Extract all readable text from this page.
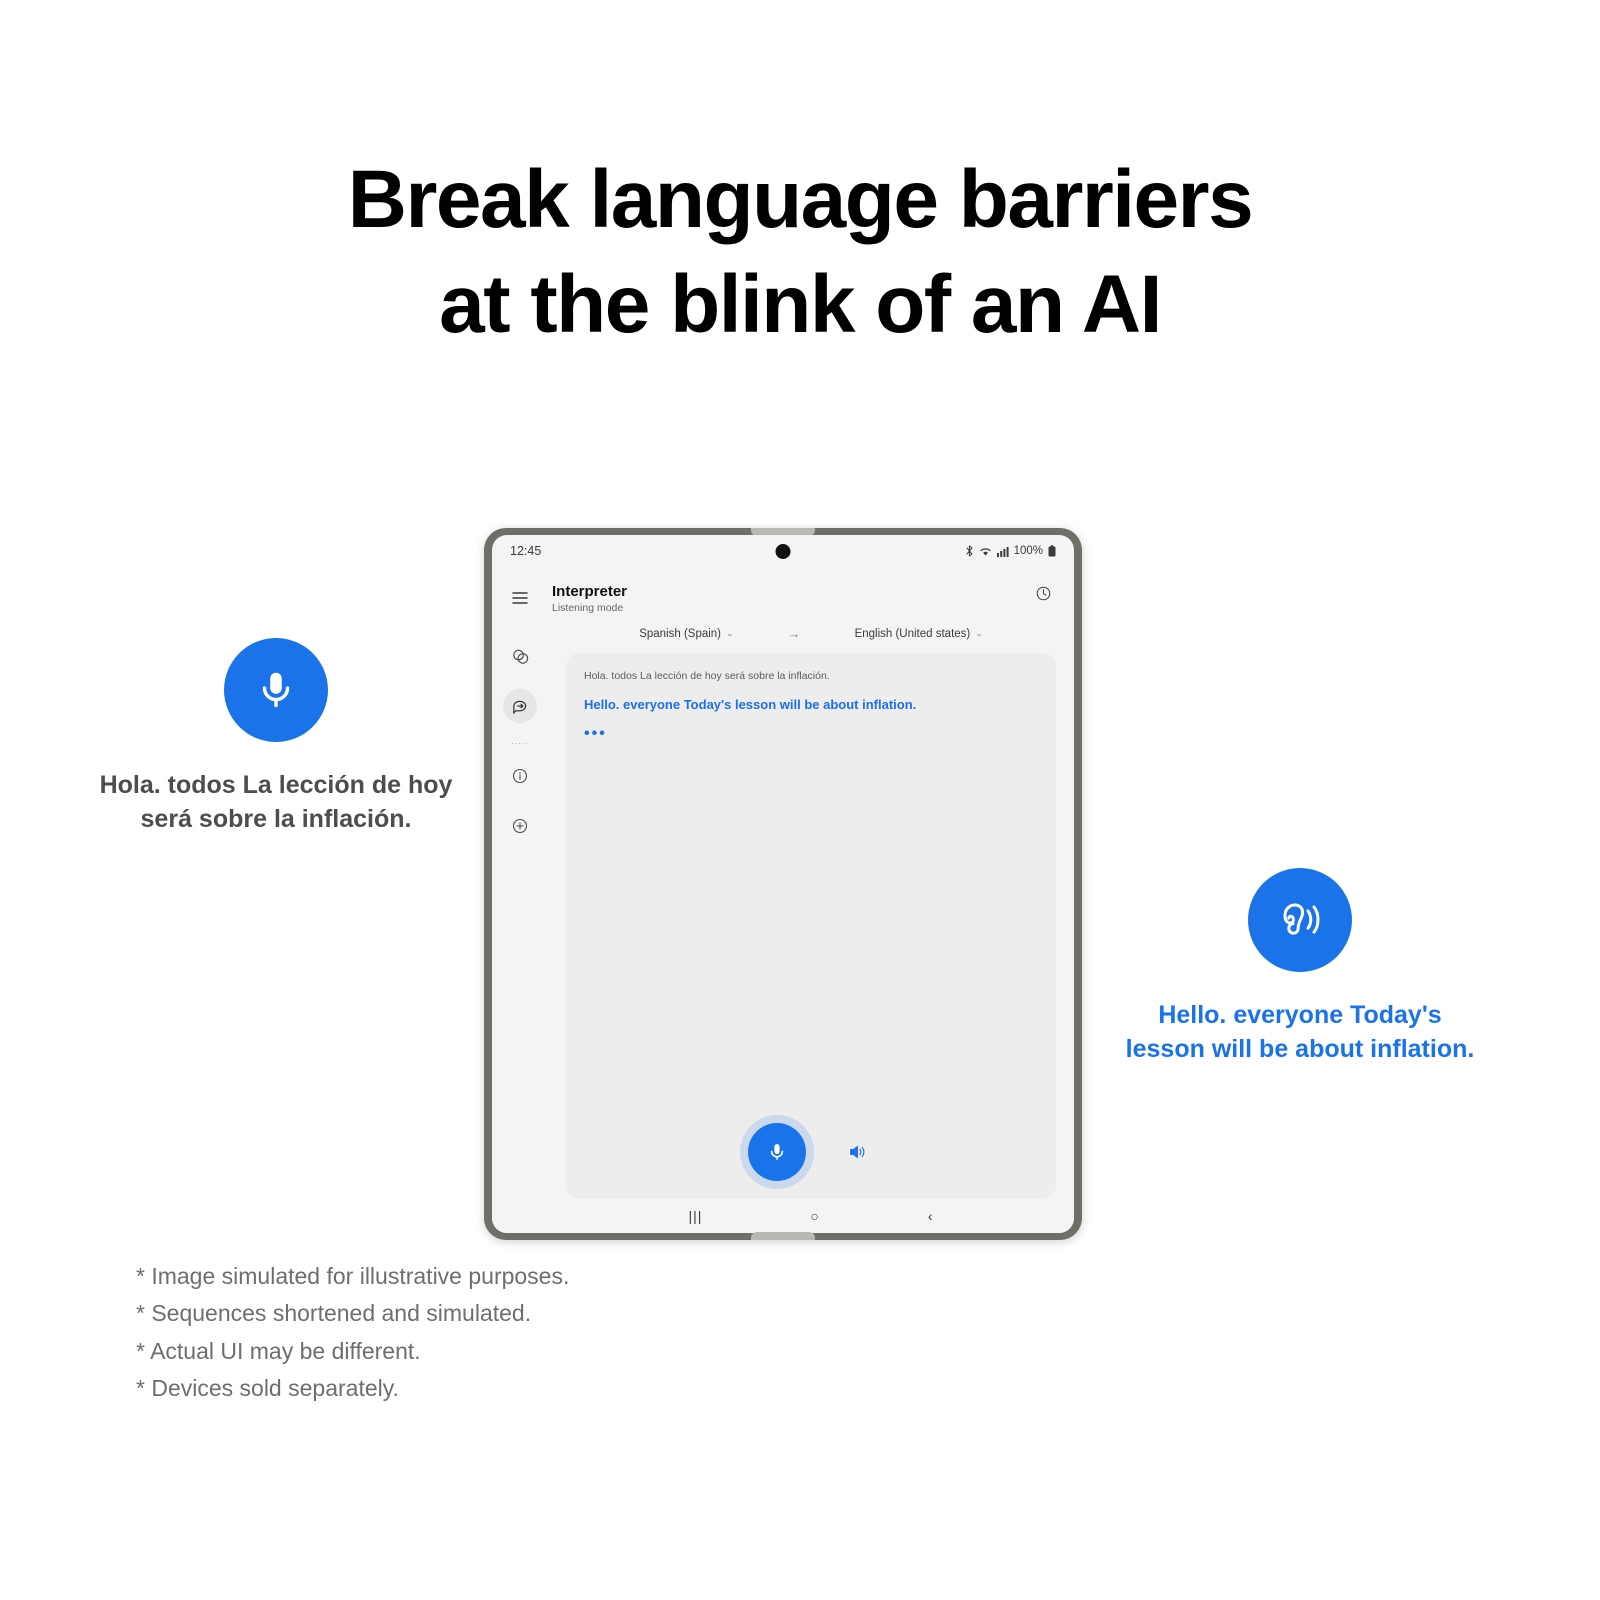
Break language barriers
at the blink of an AI
Hola. todos La lección de hoy será sobre la inflación.
Hello. everyone Today's lesson will be about inflation.
12:45	100%
.....
Interpreter
Listening mode
Spanish (Spain) ⌄	→	English (United states) ⌄
Hola. todos La lección de hoy será sobre la inflación.
Hello. everyone Today's lesson will be about inflation.
•••
|||	○	‹
* Image simulated for illustrative purposes.
* Sequences shortened and simulated.
* Actual UI may be different.
* Devices sold separately.
